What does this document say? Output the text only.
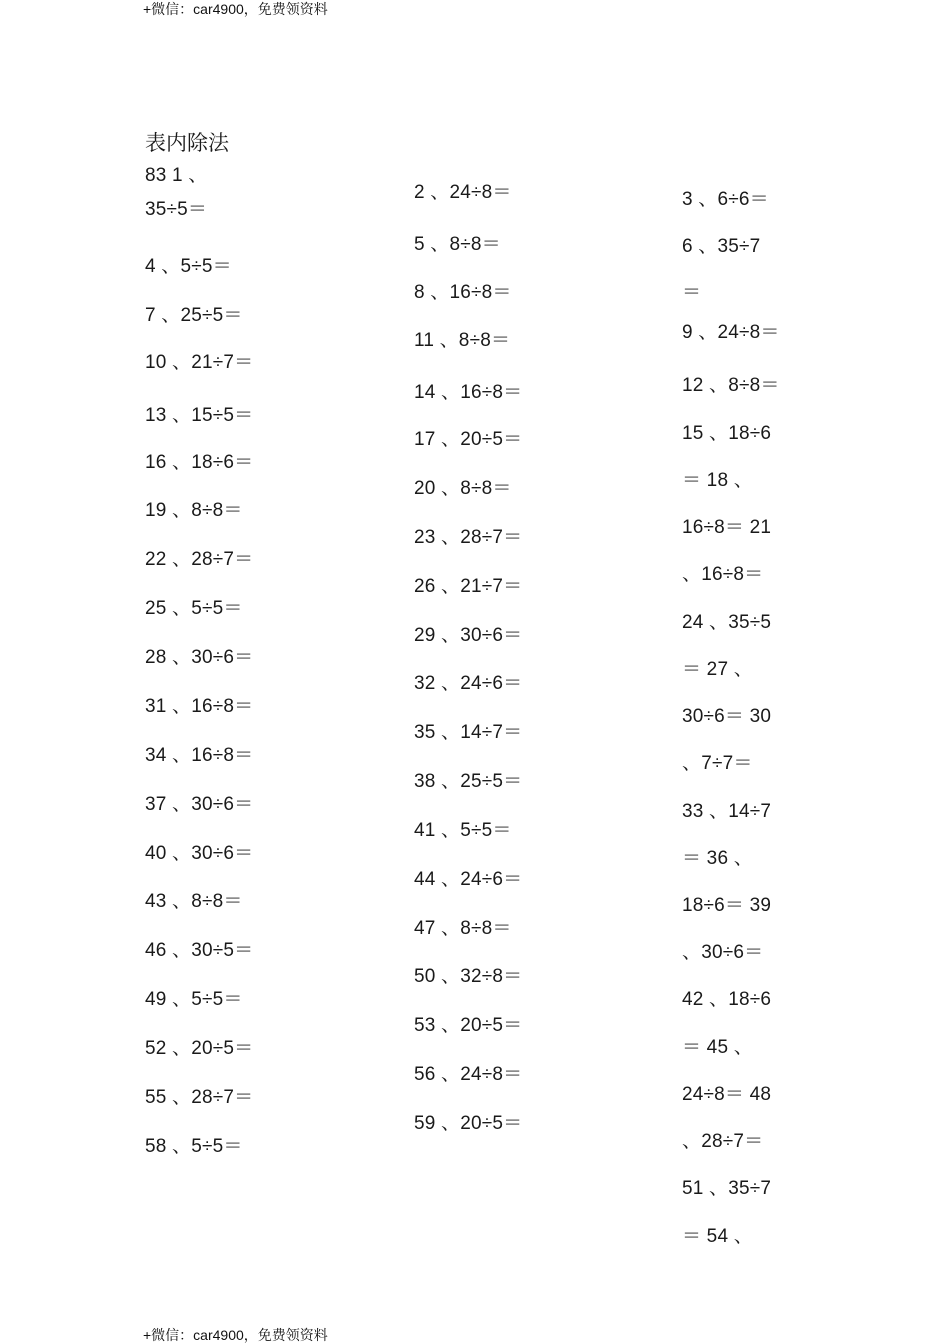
+微信：car4900，免费领资料
表内除法
83 1 、
35÷5＝
4 、5÷5＝
7 、25÷5＝
10 、21÷7＝
13 、15÷5＝
16 、18÷6＝
19 、8÷8＝
22 、28÷7＝
25 、5÷5＝
28 、30÷6＝
31 、16÷8＝
34 、16÷8＝
37 、30÷6＝
40 、30÷6＝
43 、8÷8＝
46 、30÷5＝
49 、5÷5＝
52 、20÷5＝
55 、28÷7＝
58 、5÷5＝
2 、24÷8＝
5 、8÷8＝
8 、16÷8＝
11 、8÷8＝
14 、16÷8＝
17 、20÷5＝
20 、8÷8＝
23 、28÷7＝
26 、21÷7＝
29 、30÷6＝
32 、24÷6＝
35 、14÷7＝
38 、25÷5＝
41 、5÷5＝
44 、24÷6＝
47 、8÷8＝
50 、32÷8＝
53 、20÷5＝
56 、24÷8＝
59 、20÷5＝
3 、6÷6＝
6 、35÷7
＝
9 、24÷8＝
12 、8÷8＝
15 、18÷6
＝ 18 、
16÷8＝ 21
、16÷8＝
24 、35÷5
＝ 27 、
30÷6＝ 30
、7÷7＝
33 、14÷7
＝ 36 、
18÷6＝ 39
、30÷6＝
42 、18÷6
＝ 45 、
24÷8＝ 48
、28÷7＝
51 、35÷7
＝ 54 、
+微信：car4900，免费领资料
